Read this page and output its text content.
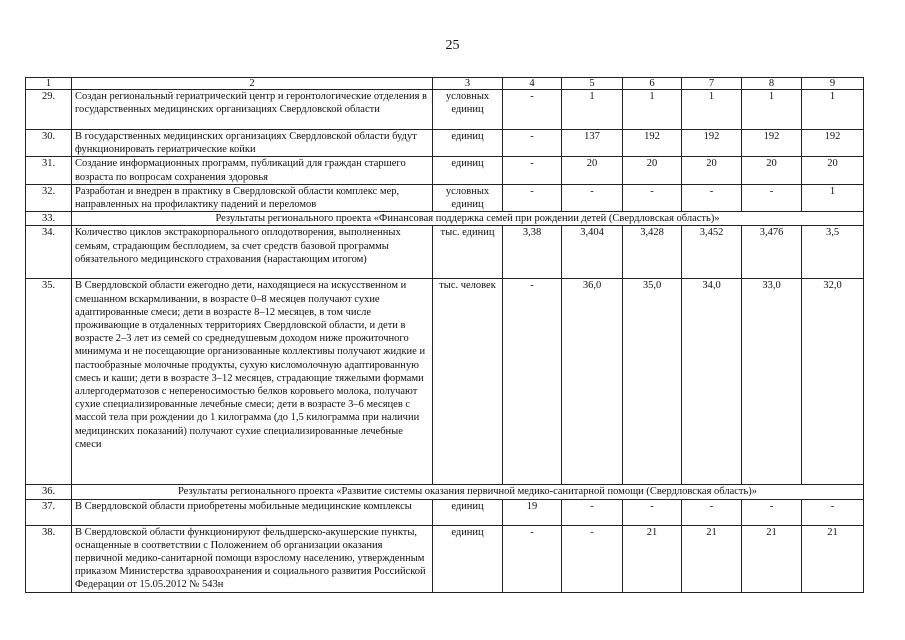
25
1	2	3	4	5	6	7	8	9
29.	Создан региональный гериатрический центр и геронтологические отделения в государственных медицинских организациях Свердловской области	условных единиц	-	1	1	1	1	1
30.	В государственных медицинских организациях Свердловской области будут функционировать гериатрические койки	единиц	-	137	192	192	192	192
31.	Создание информационных программ, публикаций для граждан старшего возраста по вопросам сохранения здоровья	единиц	-	20	20	20	20	20
32.	Разработан и внедрен в практику в Свердловской области комплекс мер, направленных на профилактику падений и переломов	условных единиц	-	-	-	-	-	1
33.	Результаты регионального проекта «Финансовая поддержка семей при рождении детей (Свердловская область)»							
34.	Количество циклов экстракорпорального оплодотворения, выполненных семьям, страдающим бесплодием, за счет средств базовой программы обязательного медицинского страхования (нарастающим итогом)	тыс. единиц	3,38	3,404	3,428	3,452	3,476	3,5
35.	В Свердловской области ежегодно дети, находящиеся на искусственном и смешанном вскармливании, в возрасте 0–8 месяцев получают сухие адаптированные смеси; дети в возрасте 8–12 месяцев, в том числе проживающие в отдаленных территориях Свердловской области, и дети в возрасте 2–3 лет из семей со среднедушевым доходом ниже прожиточного минимума и не посещающие организованные коллективы получают жидкие и пастообразные молочные продукты, сухую кисломолочную адаптированную смесь и каши; дети в возрасте 3–12 месяцев, страдающие тяжелыми формами аллергодерматозов с непереносимостью белков коровьего молока, получают сухие специализированные лечебные смеси; дети в возрасте 3–6 месяцев с массой тела при рождении до 1 килограмма (до 1,5 килограмма при наличии медицинских показаний) получают сухие специализированные лечебные смеси	тыс. человек	-	36,0	35,0	34,0	33,0	32,0
36.	Результаты регионального проекта «Развитие системы оказания первичной медико-санитарной помощи (Свердловская область)»							
37.	В Свердловской области приобретены мобильные медицинские комплексы	единиц	19	-	-	-	-	-
38.	В Свердловской области функционируют фельдшерско-акушерские пункты, оснащенные в соответствии с Положением об организации оказания первичной медико-санитарной помощи взрослому населению, утвержденным приказом Министерства здравоохранения и социального развития Российской Федерации от 15.05.2012 № 543н	единиц	-	-	21	21	21	21
